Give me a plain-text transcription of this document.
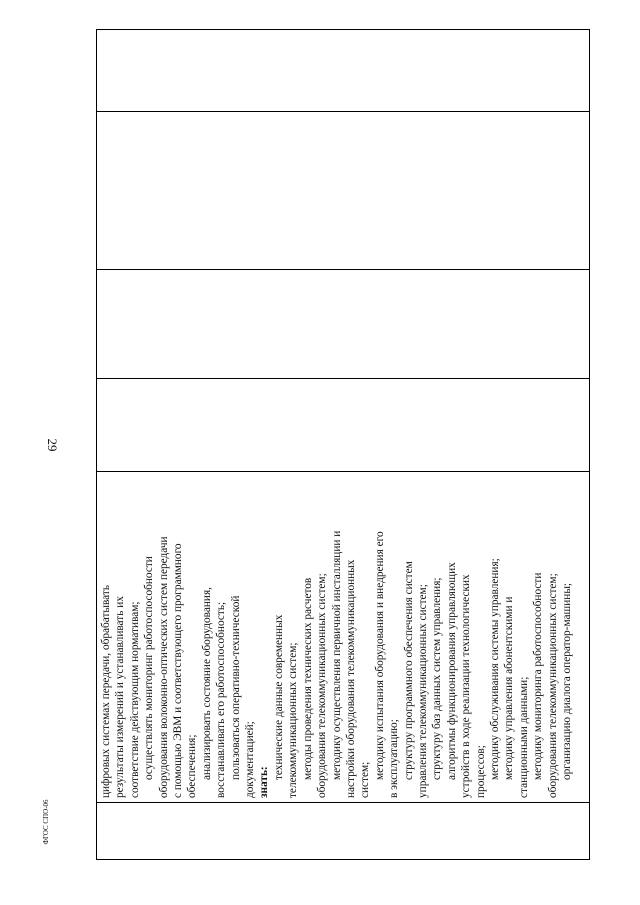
29

цифровых системах передачи, обрабатывать результаты измерений и устанавливать их соответствие действующим нормативам; осуществлять мониторинг работоспособности оборудования волоконно-оптических систем передачи с помощью ЭВМ и соответствующего программного обеспечения; анализировать состояние оборудования, восстанавливать его работоспособность; пользоваться оперативно-технической документацией; знать:
технические данные современных телекоммуникационных систем; методы проведения технических расчетов оборудования телекоммуникационных систем; методику осуществления первичной инсталляции и настройки оборудования телекоммуникационных систем; методику испытания оборудования и внедрения его в эксплуатацию; структуру программного обеспечения систем управления телекоммуникационных систем; структуру баз данных систем управления; алгоритмы функционирования управляющих устройств в ходе реализации технологических процессов; методику обслуживания системы управления; методику управления абонентскими и станционными данными; методику мониторинга работоспособности оборудования телекоммуникационных систем; организацию диалога оператор-машины;

ФГОС СПО-06
